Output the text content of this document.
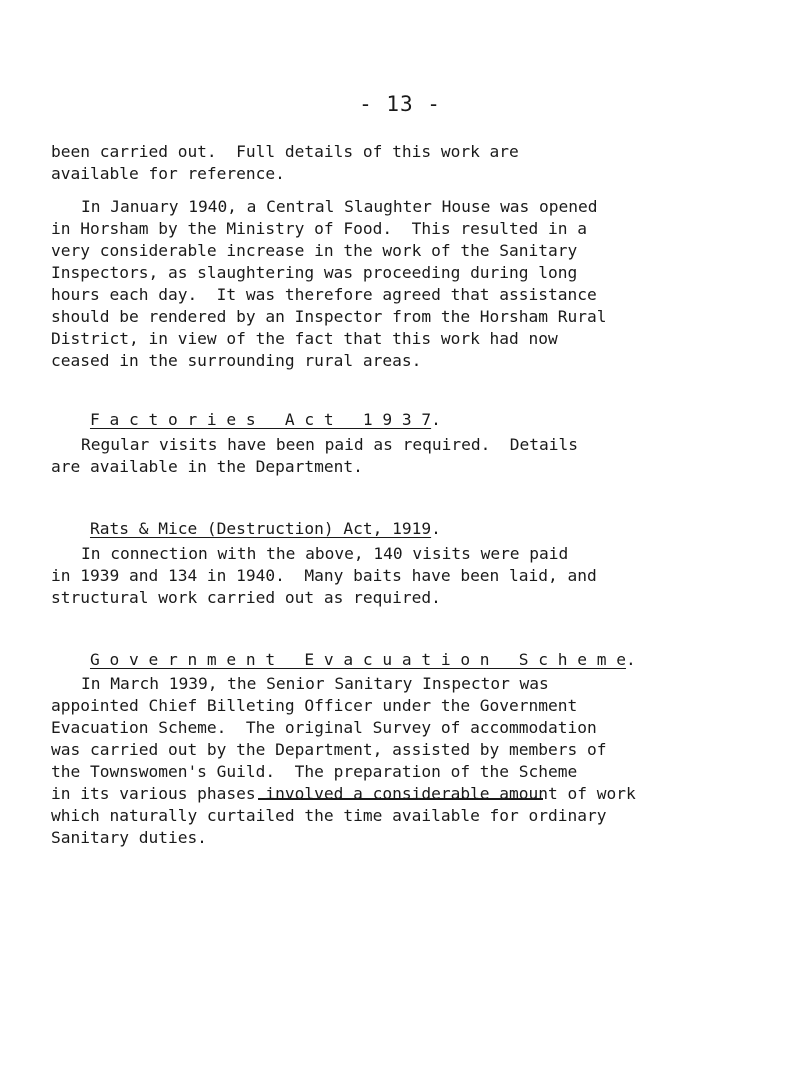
- 13 -
been carried out.  Full details of this work are
available for reference.
In January 1940, a Central Slaughter House was opened
in Horsham by the Ministry of Food.  This resulted in a
very considerable increase in the work of the Sanitary
Inspectors, as slaughtering was proceeding during long
hours each day.  It was therefore agreed that assistance
should be rendered by an Inspector from the Horsham Rural
District, in view of the fact that this work had now
ceased in the surrounding rural areas.

F a c t o r i e s   A c t   1 9 3 7.

Regular visits have been paid as required.  Details
are available in the Department.

Rats & Mice (Destruction) Act, 1919.

In connection with the above, 140 visits were paid
in 1939 and 134 in 1940.  Many baits have been laid, and
structural work carried out as required.

G o v e r n m e n t   E v a c u a t i o n   S c h e m e.

In March 1939, the Senior Sanitary Inspector was
appointed Chief Billeting Officer under the Government
Evacuation Scheme.  The original Survey of accommodation
was carried out by the Department, assisted by members of
the Townswomen's Guild.  The preparation of the Scheme
in its various phases involved a considerable amount of work
which naturally curtailed the time available for ordinary
Sanitary duties.
